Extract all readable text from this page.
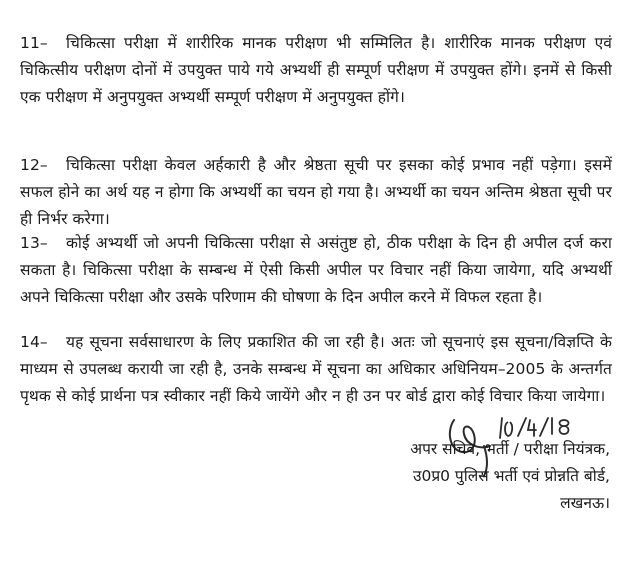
11– चिकित्सा परीक्षा में शारीरिक मानक परीक्षण भी सम्मिलित है। शारीरिक मानक परीक्षण एवं चिकित्सीय परीक्षण दोनों में उपयुक्त पाये गये अभ्यर्थी ही सम्पूर्ण परीक्षण में उपयुक्त होंगे। इनमें से किसी एक परीक्षण में अनुपयुक्त अभ्यर्थी सम्पूर्ण परीक्षण में अनुपयुक्त होंगे।
12– चिकित्सा परीक्षा केवल अर्हकारी है और श्रेष्ठता सूची पर इसका कोई प्रभाव नहीं पड़ेगा। इसमें सफल होने का अर्थ यह न होगा कि अभ्यर्थी का चयन हो गया है। अभ्यर्थी का चयन अन्तिम श्रेष्ठता सूची पर ही निर्भर करेगा।
13– कोई अभ्यर्थी जो अपनी चिकित्सा परीक्षा से असंतुष्ट हो, ठीक परीक्षा के दिन ही अपील दर्ज करा सकता है। चिकित्सा परीक्षा के सम्बन्ध में ऐसी किसी अपील पर विचार नहीं किया जायेगा, यदि अभ्यर्थी अपने चिकित्सा परीक्षा और उसके परिणाम की घोषणा के दिन अपील करने में विफल रहता है।
14– यह सूचना सर्वसाधारण के लिए प्रकाशित की जा रही है। अतः जो सूचनाएं इस सूचना/विज्ञप्ति के माध्यम से उपलब्ध करायी जा रही है, उनके सम्बन्ध में सूचना का अधिकार अधिनियम–2005 के अन्तर्गत पृथक से कोई प्रार्थना पत्र स्वीकार नहीं किये जायेंगे और न ही उन पर बोर्ड द्वारा कोई विचार किया जायेगा।
अपर सचिव, भर्ती / परीक्षा नियंत्रक,
उ0प्र0 पुलिस भर्ती एवं प्रोन्नति बोर्ड,
लखनऊ।
